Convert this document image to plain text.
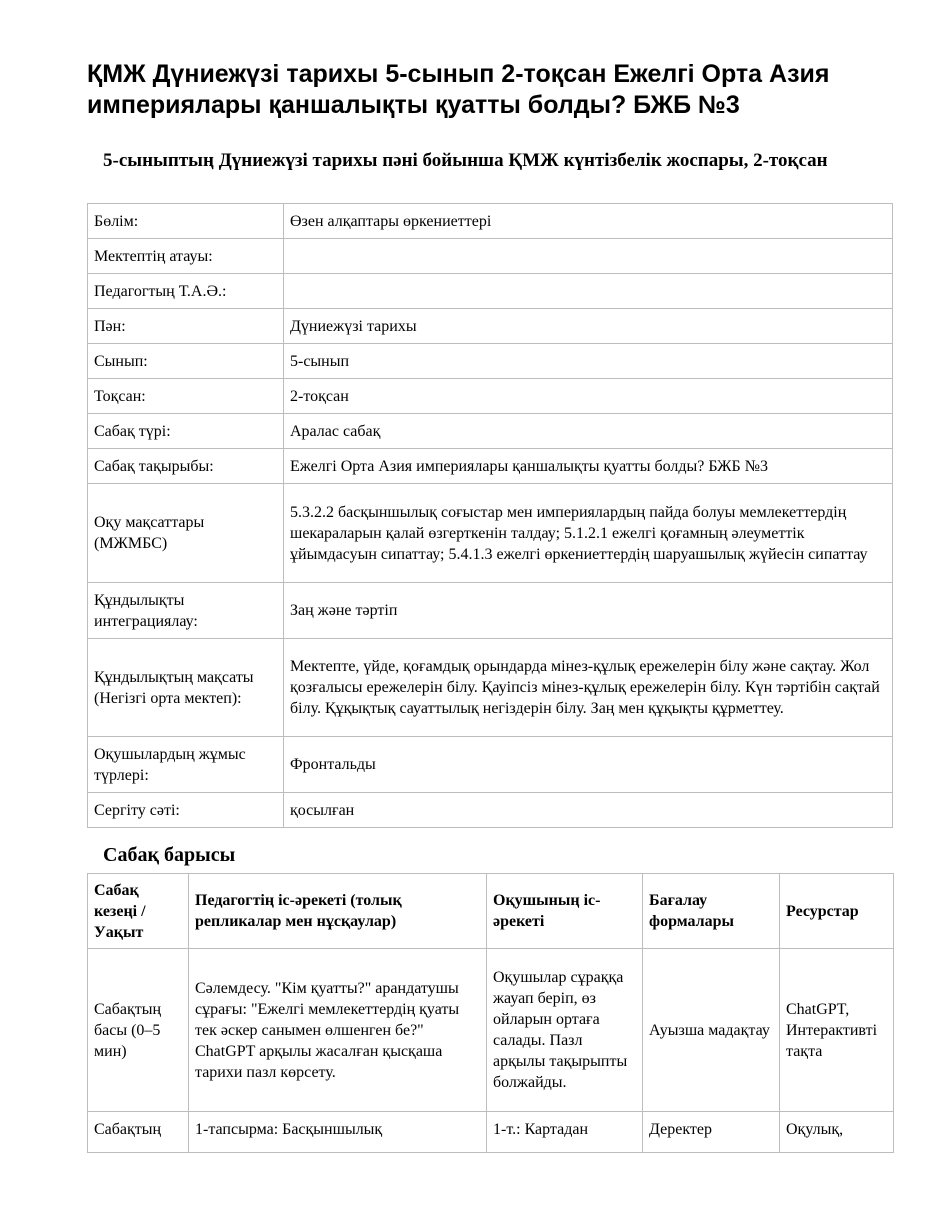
ҚМЖ Дүниежүзі тарихы 5-сынып 2-тоқсан Ежелгі Орта Азия империялары қаншалықты қуатты болды? БЖБ №3
5-сыныптың Дүниежүзі тарихы пәні бойынша ҚМЖ күнтізбелік жоспары, 2-тоқсан
Бөлім:	Өзен алқаптары өркениеттері
Мектептің атауы:	
Педагогтың Т.А.Ә.:	
Пән:	Дүниежүзі тарихы
Сынып:	5-сынып
Тоқсан:	2-тоқсан
Сабақ түрі:	Аралас сабақ
Сабақ тақырыбы:	Ежелгі Орта Азия империялары қаншалықты қуатты болды? БЖБ №3
Оқу мақсаттары (МЖМБС)	5.3.2.2 басқыншылық соғыстар мен империялардың пайда болуы мемлекеттердің шекараларын қалай өзгерткенін талдау; 5.1.2.1 ежелгі қоғамның әлеуметтік ұйымдасуын сипаттау; 5.4.1.3 ежелгі өркениеттердің шаруашылық жүйесін сипаттау
Құндылықты интеграциялау:	Заң және тәртіп
Құндылықтың мақсаты (Негізгі орта мектеп):	Мектепте, үйде, қоғамдық орындарда мінез-құлық ережелерін білу және сақтау. Жол қозғалысы ережелерін білу. Қауіпсіз мінез-құлық ережелерін білу. Күн тәртібін сақтай білу. Құқықтық сауаттылық негіздерін білу. Заң мен құқықты құрметтеу.
Оқушылардың жұмыс түрлері:	Фронтальды
Сергіту сәті:	қосылған
Сабақ барысы
Сабақ кезеңі / Уақыт	Педагогтің іс-әрекеті (толық репликалар мен нұсқаулар)	Оқушының іс-әрекеті	Бағалау формалары	Ресурстар
Сабақтың басы (0–5 мин)	Сәлемдесу. "Кім қуатты?" арандатушы сұрағы: "Ежелгі мемлекеттердің қуаты тек әскер санымен өлшенген бе?" ChatGPT арқылы жасалған қысқаша тарихи пазл көрсету.	Оқушылар сұраққа жауап беріп, өз ойларын ортаға салады. Пазл арқылы тақырыпты болжайды.	Ауызша мадақтау	ChatGPT, Интерактивті тақта
Сабақтың	1-тапсырма: Басқыншылық	1-т.: Картадан	Деректер	Оқулық,
